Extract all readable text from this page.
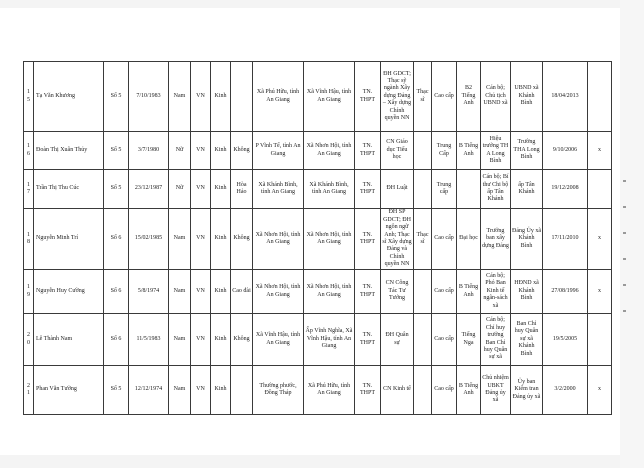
15	Tạ Văn Khương	Số 5	7/10/1983	Nam	VN	Kinh		Xã Phú Hữu, tỉnh An Giang	Xã Vĩnh Hậu, tỉnh An Giang	TN. THPT	ĐH GDCT; Thạc sỹ ngành Xây dựng Đảng – Xây dựng Chính quyền NN	Thạc sĩ	Cao cấp	B2 Tiếng Anh	Cán bộ; Chủ tịch UBND xã	UBND xã Khánh Bình	18/04/2013	
16	Đoàn Thị Xuân Thủy	Số 5	3/7/1980	Nữ	VN	Kinh	Không	P Vĩnh Tế, tỉnh An Giang	Xã Nhơn Hội, tỉnh An Giang	TN. THPT	CN Giáo dục Tiểu học		Trung Cấp	B Tiếng Anh	Hiệu trưởng TH A Long Bình	Trường THA Long Bình	9/10/2006	x
17	Trần Thị Thu Cúc	Số 5	23/12/1987	Nữ	VN	Kinh	Hòa Hảo	Xã Khánh Bình, tỉnh An Giang	Xã Khánh Bình, tỉnh An Giang	TN. THPT	ĐH Luật		Trung cấp		Cán bộ; Bí thư Chi bộ ấp Tân Khánh	ấp Tân Khánh	19/12/2008	
18	Nguyễn Minh Trí	Số 6	15/02/1985	Nam	VN	Kinh	Không	Xã Nhơn Hội, tỉnh An Giang	Xã Nhơn Hội, tỉnh An Giang	TN. THPT	ĐH SP GDCT; ĐH ngôn ngữ Anh; Thạc sĩ Xây dựng Đảng và Chính quyền NN	Thạc sĩ	Cao cấp	Đại học	Trưởng ban xây dựng Đảng	Đảng Ủy xã Khánh Bình	17/11/2010	x
19	Nguyễn Huy Cường	Số 6	5/8/1974	Nam	VN	Kinh	Cao đài	Xã Nhơn Hội, tỉnh An Giang	Xã Nhơn Hội, tỉnh An Giang	TN. THPT	CN Công Tác Tư Tưởng		Cao cấp	B Tiếng Anh	Cán bộ; Phó Ban Kinh tế ngân-sách xã	HĐND xã Khánh Bình	27/08/1996	x
20	Lê Thành Nam	Số 6	11/5/1983	Nam	VN	Kinh	Không	Xã Vĩnh Hậu, tỉnh An Giang	Ấp Vĩnh Nghĩa, Xã Vĩnh Hậu, tỉnh An Giang	TN. THPT	ĐH Quân sự		Cao cấp	Tiếng Nga	Cán bộ; Chỉ huy trưởng Ban Chỉ huy Quân sự xã	Ban Chỉ huy Quân sự xã Khánh Bình	19/5/2005	
21	Phan Văn Tường	Số 5	12/12/1974	Nam	VN	Kinh		Thường phước, Đồng Tháp	Xã Phú Hữu, tỉnh An Giang	TN. THPT	CN Kinh tế		Cao cấp	B Tiếng Anh	Chủ nhiệm UBKT Đảng ủy xã	Ủy ban Kiểm tran Đảng ủy xã	3/2/2000	x
